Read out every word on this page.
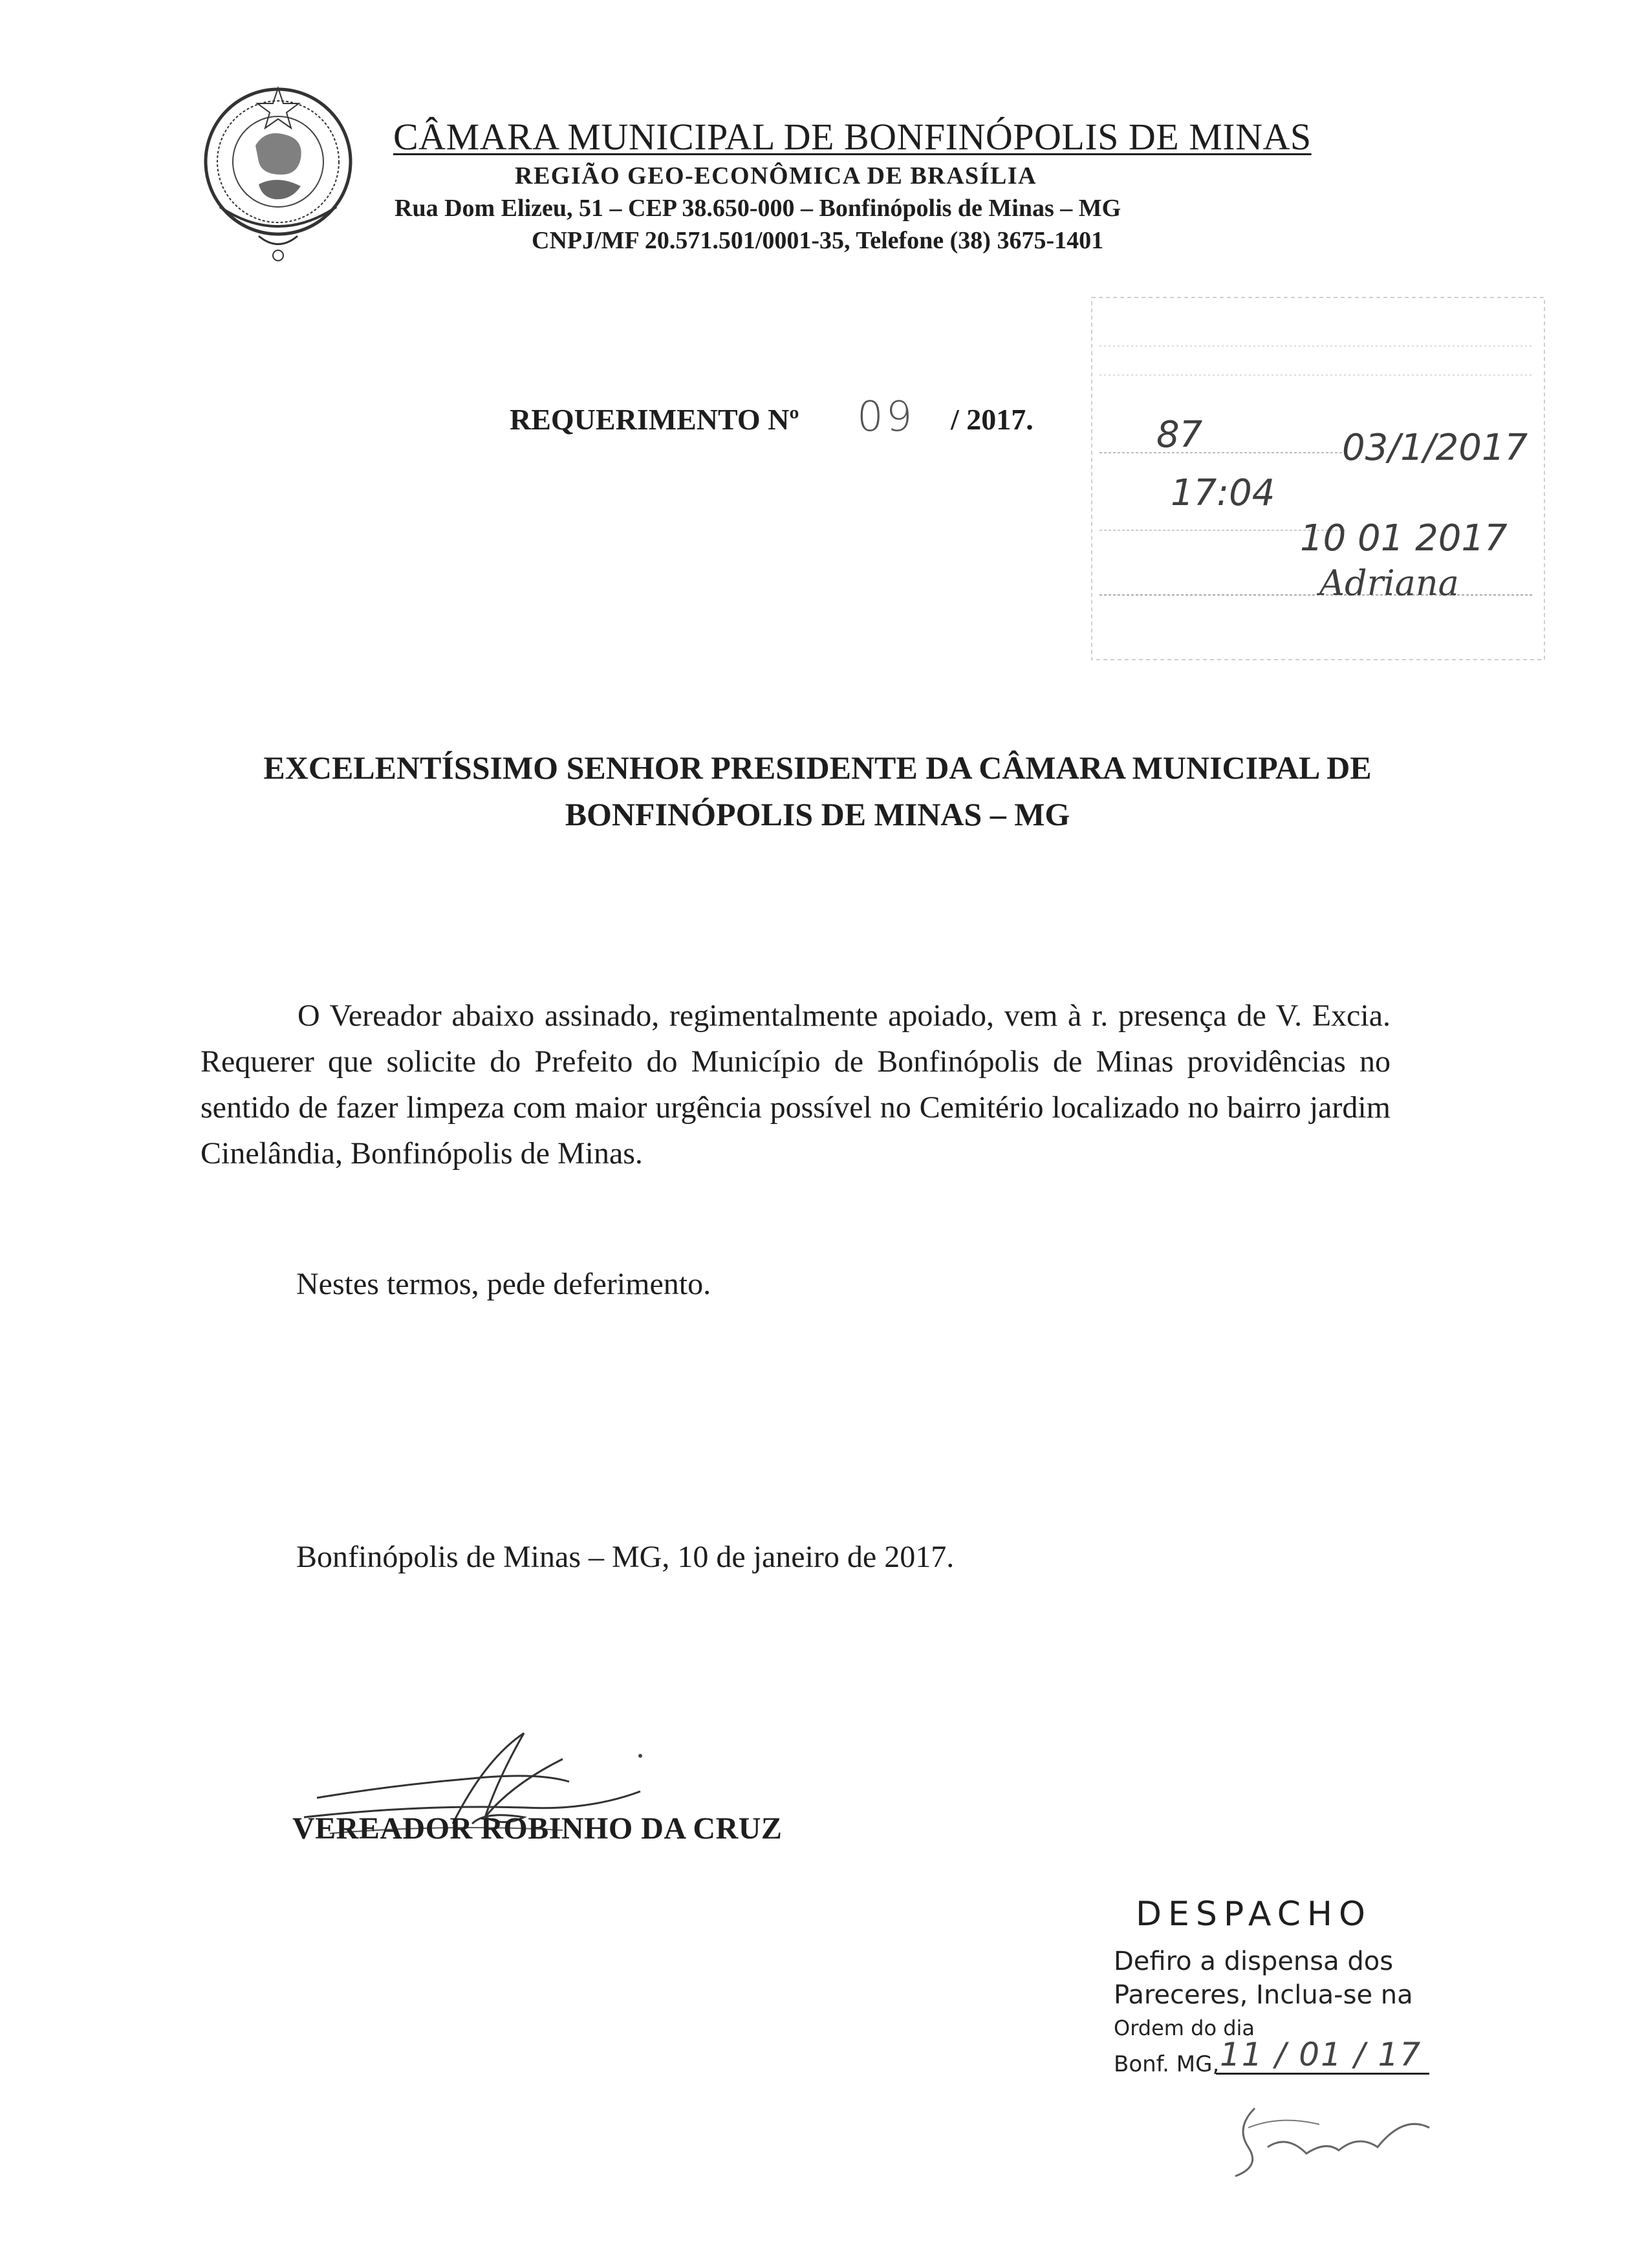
CÂMARA MUNICIPAL DE BONFINÓPOLIS DE MINAS
REGIÃO GEO-ECONÔMICA DE BRASÍLIA
Rua Dom Elizeu, 51 – CEP 38.650-000 – Bonfinópolis de Minas – MG
CNPJ/MF 20.571.501/0001-35, Telefone (38) 3675-1401
REQUERIMENTO Nº 09 / 2017.	87	03/1/2017
17:04
10 01 2017
Adriana
EXCELENTÍSSIMO SENHOR PRESIDENTE DA CÂMARA MUNICIPAL DE
BONFINÓPOLIS DE MINAS – MG
O Vereador abaixo assinado, regimentalmente apoiado, vem à r. presença de V. Excia. Requerer que solicite do Prefeito do Município de Bonfinópolis de Minas providências no sentido de fazer limpeza com maior urgência possível no Cemitério localizado no bairro jardim Cinelândia, Bonfinópolis de Minas.
Nestes termos, pede deferimento.
Bonfinópolis de Minas – MG, 10 de janeiro de 2017.
VEREADOR ROBINHO DA CRUZ
DESPACHO
Defiro a dispensa dos
Pareceres, Inclua-se na
Ordem do dia
Bonf. MG, 11 / 01 / 17
